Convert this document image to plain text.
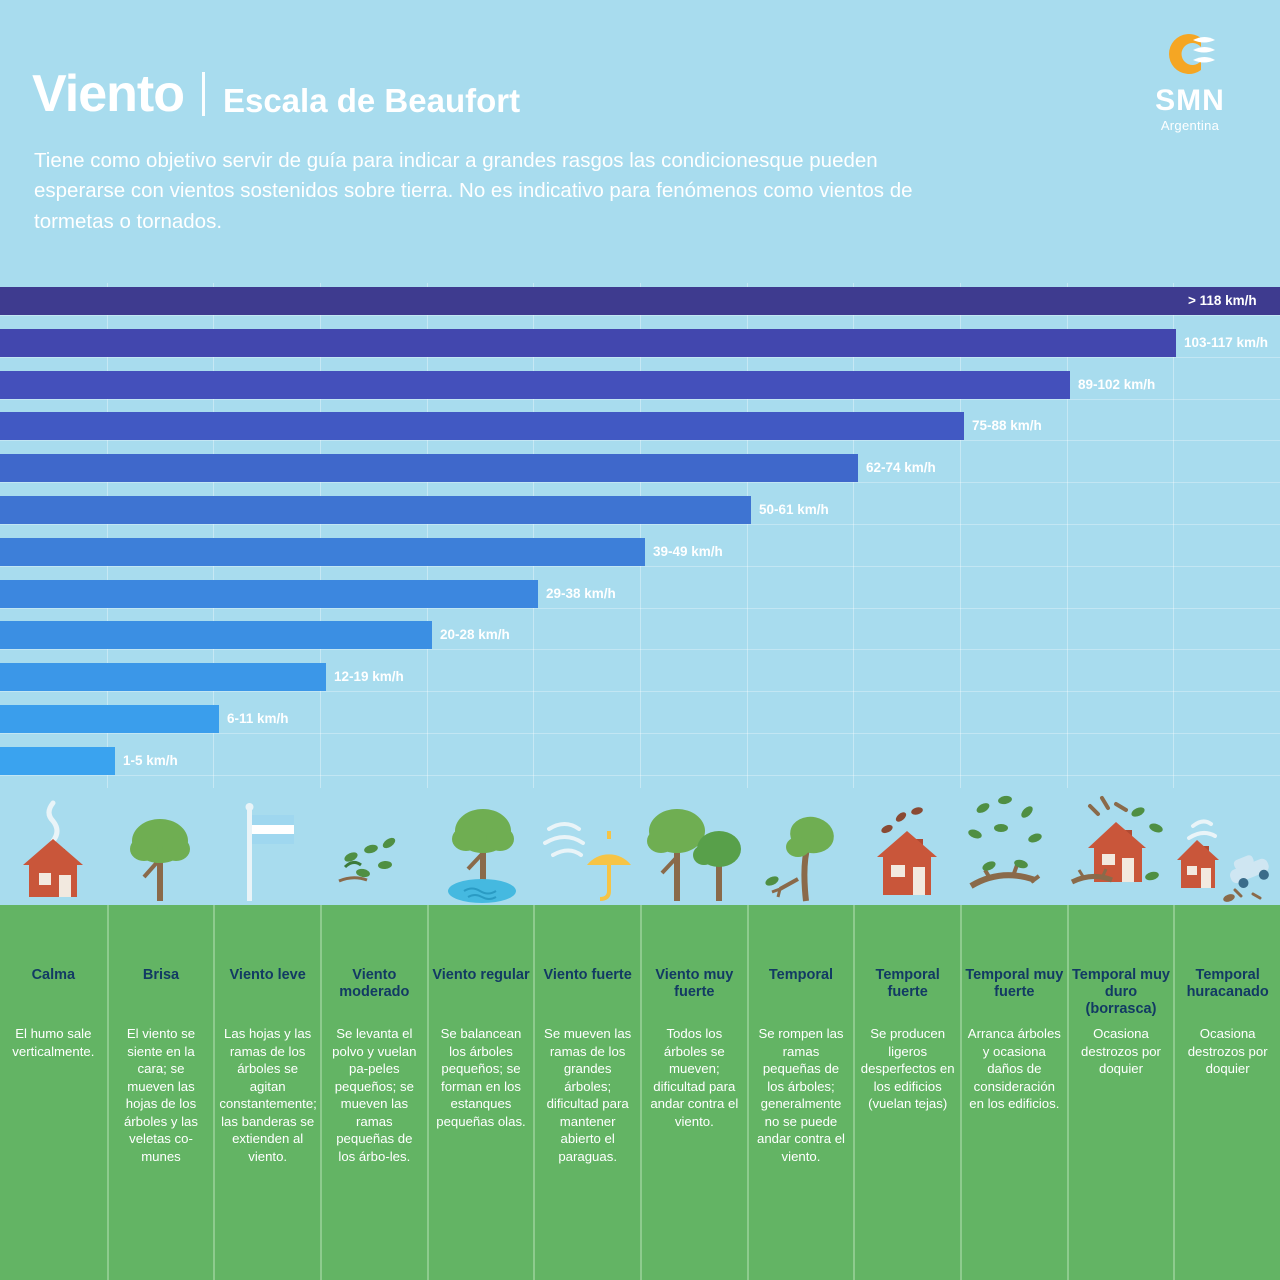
Viento Escala de Beaufort
Tiene como objetivo servir de guía para indicar a grandes rasgos las condicionesque pueden esperarse con vientos sostenidos sobre tierra. No es indicativo para fenómenos como vientos de tormetas o tornados.
SMN
Argentina
> 118 km/h
103-117 km/h
89-102 km/h
75-88 km/h
62-74 km/h
50-61 km/h
39-49 km/h
29-38 km/h
20-28 km/h
12-19 km/h
6-11 km/h
1-5 km/h
Calma
El humo sale verticalmente.
Brisa
El viento se siente en la cara; se mueven las hojas de los árboles y las veletas co-munes
Viento leve
Las hojas y las ramas de los árboles se agitan constantemente; las banderas se extienden al viento.
Viento moderado
Se levanta el polvo y vuelan pa-peles pequeños; se mueven las ramas pequeñas de los árbo-les.
Viento regular
Se balancean los árboles pequeños; se forman en los estanques pequeñas olas.
Viento fuerte
Se mueven las ramas de los grandes árboles; dificultad para mantener abierto el paraguas.
Viento muy fuerte
Todos los árboles se mueven; dificultad para andar contra el viento.
Temporal
Se rompen las ramas pequeñas de los árboles; generalmente no se puede andar contra el viento.
Temporal fuerte
Se producen ligeros desperfectos en los edificios (vuelan tejas)
Temporal muy fuerte
Arranca árboles y ocasiona daños de consideración en los edificios.
Temporal muy duro (borrasca)
Ocasiona destrozos por doquier
Temporal huracanado
Ocasiona destrozos por doquier
